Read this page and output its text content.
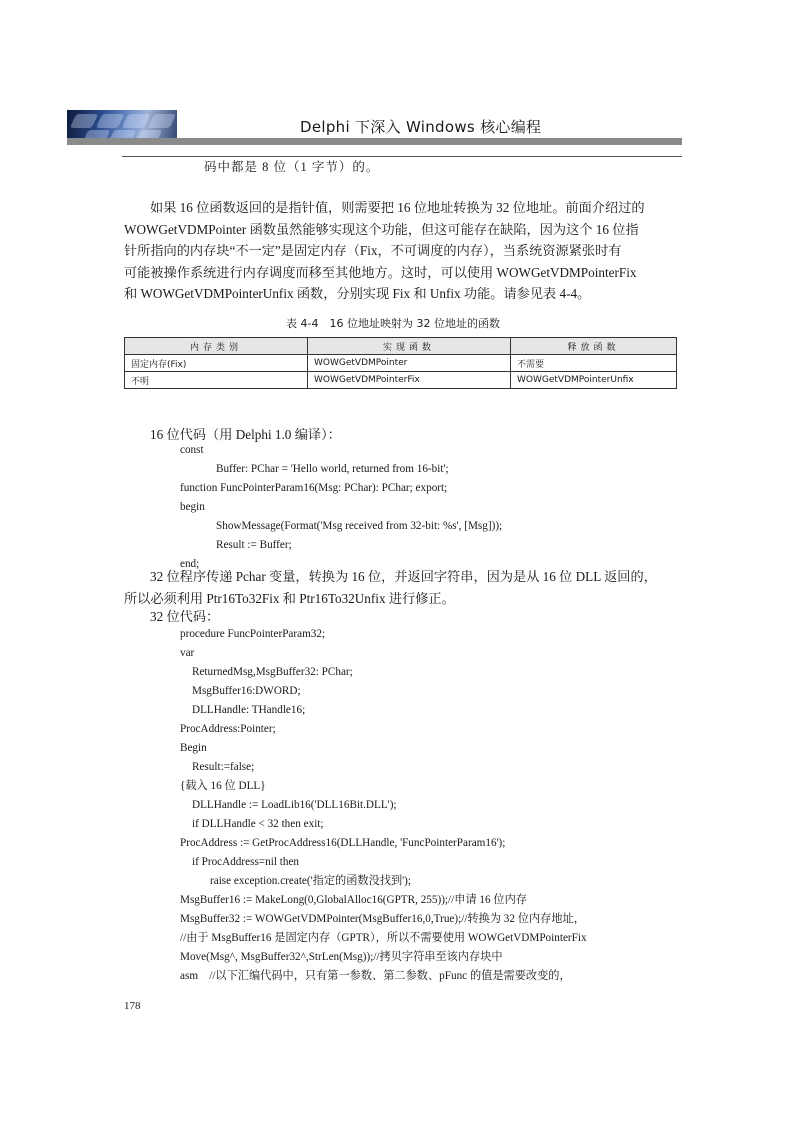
Delphi 下深入 Windows 核心编程
码中都是 8 位（1 字节）的。
如果 16 位函数返回的是指针值，则需要把 16 位地址转换为 32 位地址。前面介绍过的
WOWGetVDMPointer 函数虽然能够实现这个功能，但这可能存在缺陷，因为这个 16 位指
针所指向的内存块“不一定”是固定内存（Fix，不可调度的内存），当系统资源紧张时有
可能被操作系统进行内存调度而移至其他地方。这时，可以使用 WOWGetVDMPointerFix
和 WOWGetVDMPointerUnfix 函数，分别实现 Fix 和 Unfix 功能。请参见表 4-4。
表 4-4　16 位地址映射为 32 位地址的函数
内存类别	实现函数	释放函数
固定内存(Fix)	WOWGetVDMPointer	不需要
不明	WOWGetVDMPointerFix	WOWGetVDMPointerUnfix
16 位代码（用 Delphi 1.0 编译）：
const
Buffer: PChar = 'Hello world, returned from 16-bit';
function FuncPointerParam16(Msg: PChar): PChar; export;
begin
ShowMessage(Format('Msg received from 32-bit: %s', [Msg]));
Result := Buffer;
end;
32 位程序传递 Pchar 变量，转换为 16 位，并返回字符串，因为是从 16 位 DLL 返回的，
所以必须利用 Ptr16To32Fix 和 Ptr16To32Unfix 进行修正。
32 位代码：
procedure FuncPointerParam32;
var
ReturnedMsg,MsgBuffer32: PChar;
MsgBuffer16:DWORD;
DLLHandle: THandle16;
ProcAddress:Pointer;
Begin
Result:=false;
{载入 16 位 DLL}
DLLHandle := LoadLib16('DLL16Bit.DLL');
if DLLHandle < 32 then exit;
ProcAddress := GetProcAddress16(DLLHandle, 'FuncPointerParam16');
if ProcAddress=nil then
raise exception.create('指定的函数没找到');
MsgBuffer16 := MakeLong(0,GlobalAlloc16(GPTR, 255));//申请 16 位内存
MsgBuffer32 := WOWGetVDMPointer(MsgBuffer16,0,True);//转换为 32 位内存地址，
//由于 MsgBuffer16 是固定内存（GPTR），所以不需要使用 WOWGetVDMPointerFix
Move(Msg^, MsgBuffer32^,StrLen(Msg));//拷贝字符串至该内存块中
asm　//以下汇编代码中，只有第一参数、第二参数、pFunc 的值是需要改变的，
178
